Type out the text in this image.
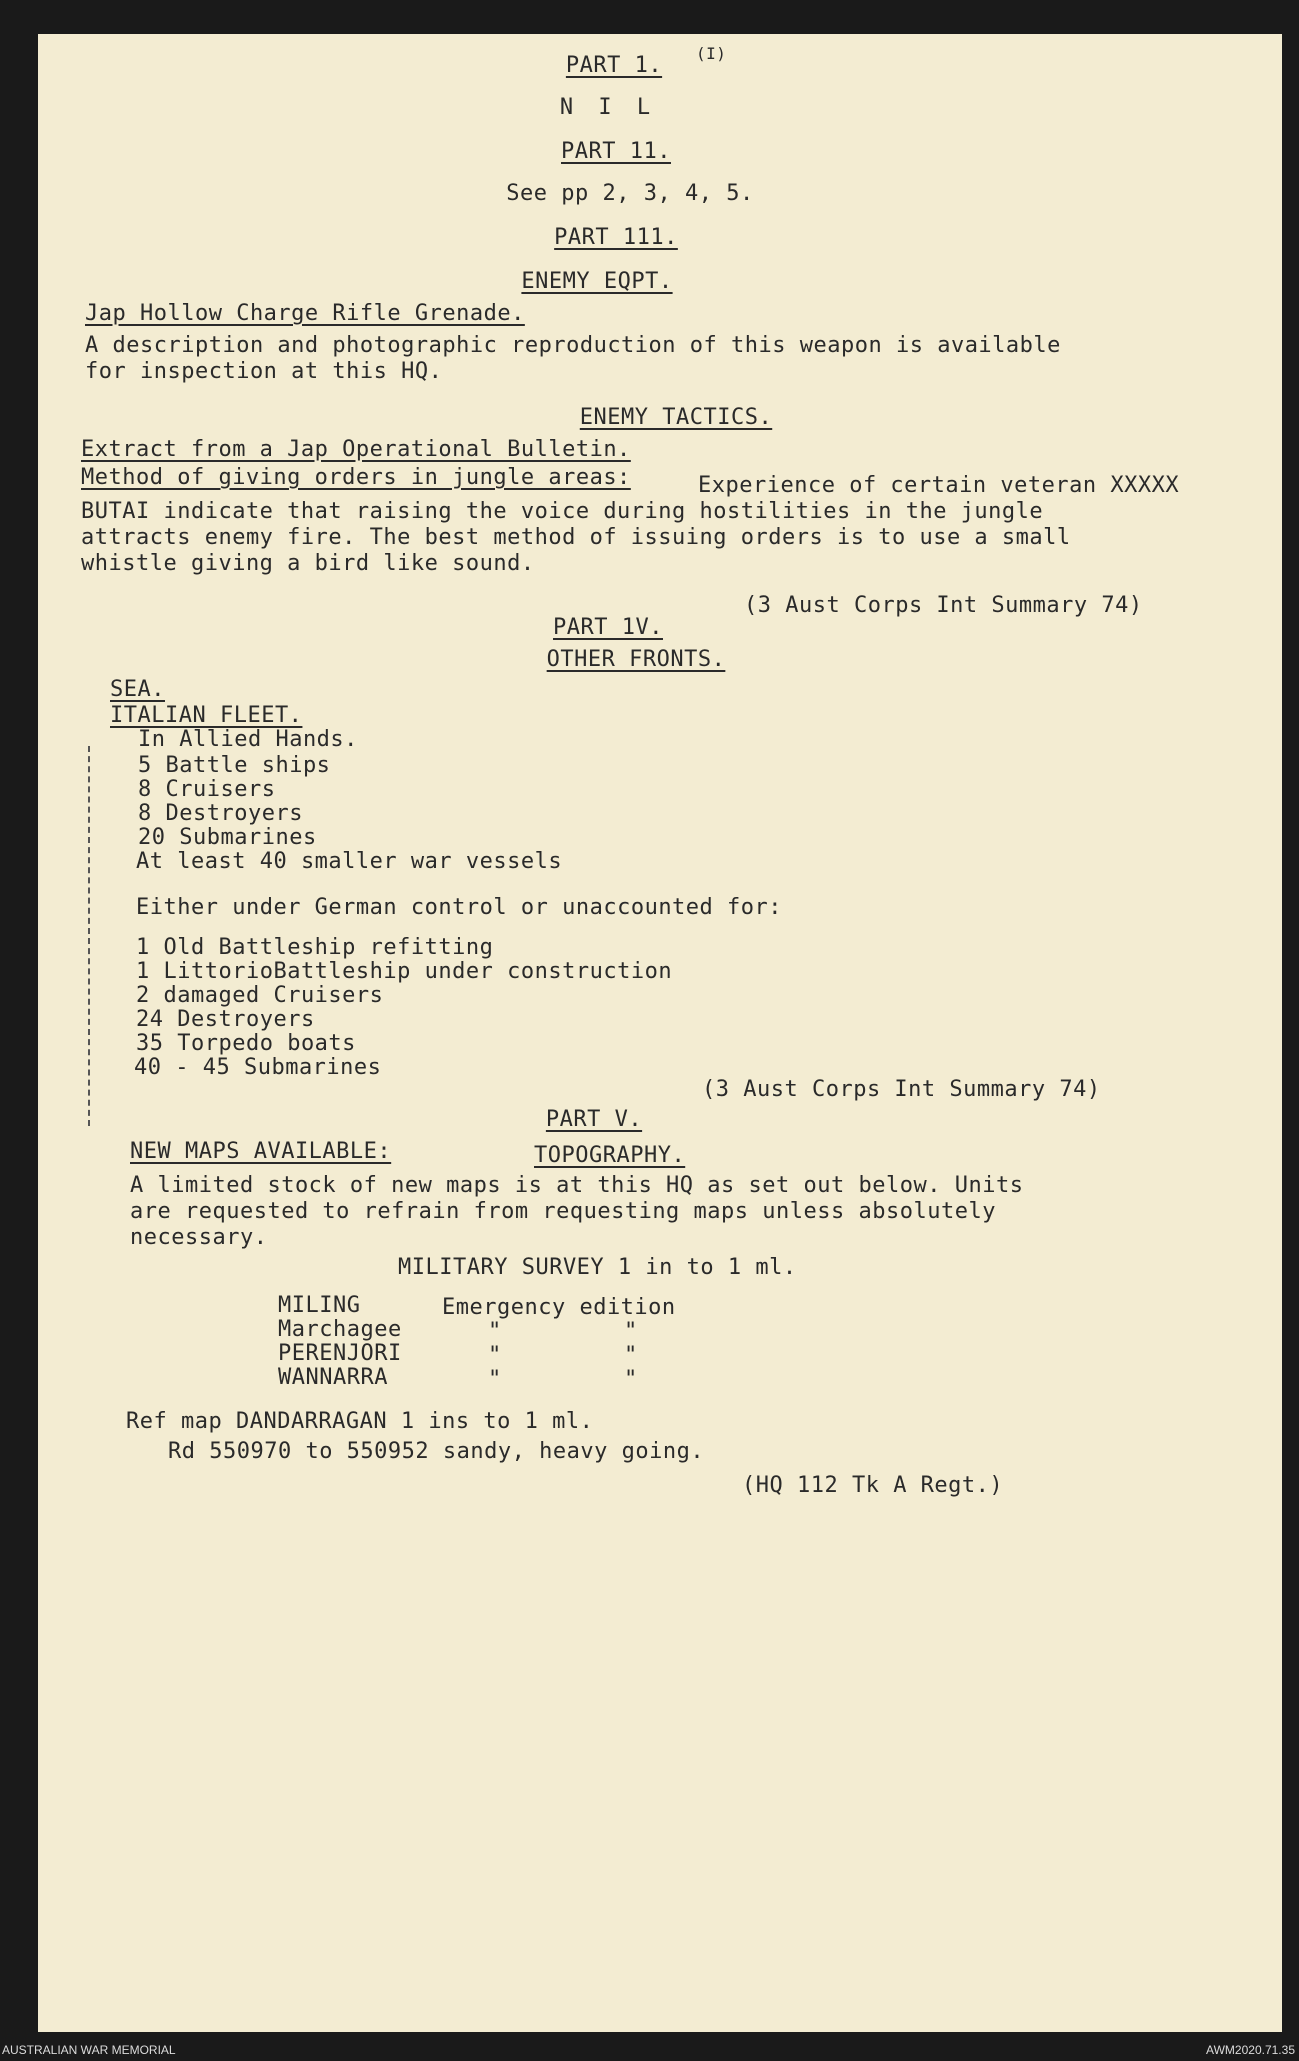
PART 1. (I)
N I L
PART 11.
See pp 2, 3, 4, 5.
PART 111.
ENEMY EQPT.
Jap Hollow Charge Rifle Grenade.
A description and photographic reproduction of this weapon is available
for inspection at this HQ.
ENEMY TACTICS.
Extract from a Jap Operational Bulletin.
Method of giving orders in jungle areas:	Experience of certain veteran XXXXX
BUTAI indicate that raising the voice during hostilities in the jungle
attracts enemy fire. The best method of issuing orders is to use a small
whistle giving a bird like sound.
(3 Aust Corps Int Summary 74)
PART 1V.
OTHER FRONTS.
SEA.
ITALIAN FLEET.
In Allied Hands.
5 Battle ships
8 Cruisers
8 Destroyers
20 Submarines
At least 40 smaller war vessels
Either under German control or unaccounted for:
1 Old Battleship refitting
1 LittorioBattleship under construction
2 damaged Cruisers
24 Destroyers
35 Torpedo boats
40 - 45 Submarines
(3 Aust Corps Int Summary 74)
PART V.
NEW MAPS AVAILABLE:	TOPOGRAPHY.
A limited stock of new maps is at this HQ as set out below. Units
are requested to refrain from requesting maps unless absolutely
necessary.
MILITARY SURVEY 1 in to 1 ml.
MILING	Emergency edition
Marchagee	"	"
PERENJORI	"	"
WANNARRA	"	"
Ref map DANDARRAGAN 1 ins to 1 ml.
Rd 550970 to 550952 sandy, heavy going.
(HQ 112 Tk A Regt.)
AUSTRALIAN WAR MEMORIAL	AWM2020.71.35
